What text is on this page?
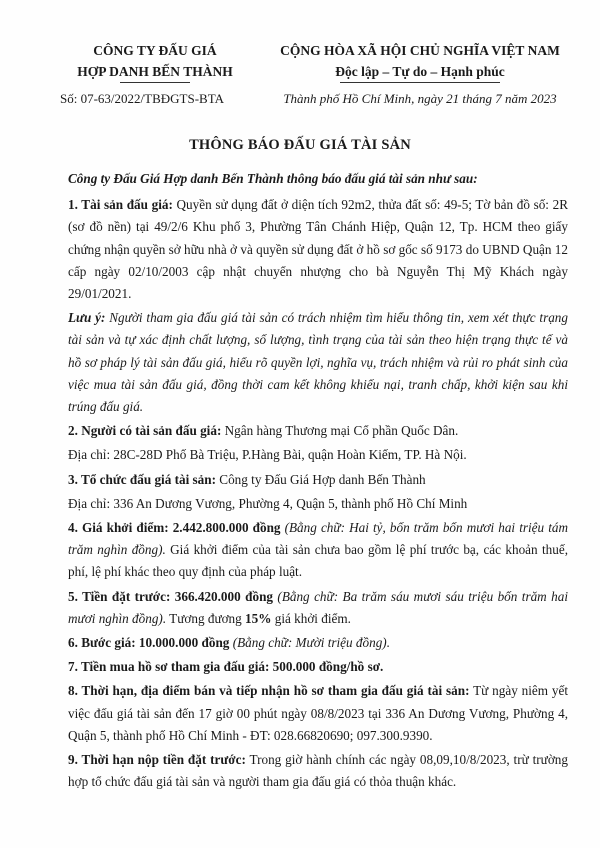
CÔNG TY ĐẤU GIÁ
HỢP DANH BẾN THÀNH
Số: 07-63/2022/TBĐGTS-BTA
CỘNG HÒA XÃ HỘI CHỦ NGHĨA VIỆT NAM
Độc lập – Tự do – Hạnh phúc
Thành phố Hồ Chí Minh, ngày 21 tháng 7 năm 2023
THÔNG BÁO ĐẤU GIÁ TÀI SẢN

Công ty Đấu Giá Hợp danh Bến Thành thông báo đấu giá tài sản như sau:

1. Tài sản đấu giá: Quyền sử dụng đất ở diện tích 92m2, thửa đất số: 49-5; Tờ bản đồ số: 2R (sơ đồ nền) tại 49/2/6 Khu phố 3, Phường Tân Chánh Hiệp, Quận 12, Tp. HCM theo giấy chứng nhận quyền sở hữu nhà ở và quyền sử dụng đất ở hồ sơ gốc số 9173 do UBND Quận 12 cấp ngày 02/10/2003 cập nhật chuyển nhượng cho bà Nguyễn Thị Mỹ Khách ngày 29/01/2021.

Lưu ý: Người tham gia đấu giá tài sản có trách nhiệm tìm hiểu thông tin, xem xét thực trạng tài sản và tự xác định chất lượng, số lượng, tình trạng của tài sản theo hiện trạng thực tế và hồ sơ pháp lý tài sản đấu giá, hiểu rõ quyền lợi, nghĩa vụ, trách nhiệm và rủi ro phát sinh của việc mua tài sản đấu giá, đồng thời cam kết không khiếu nại, tranh chấp, khởi kiện sau khi trúng đấu giá.

2. Người có tài sản đấu giá: Ngân hàng Thương mại Cổ phần Quốc Dân.

Địa chỉ: 28C-28D Phố Bà Triệu, P.Hàng Bài, quận Hoàn Kiếm, TP. Hà Nội.

3. Tổ chức đấu giá tài sản: Công ty Đấu Giá Hợp danh Bến Thành

Địa chỉ: 336 An Dương Vương, Phường 4, Quận 5, thành phố Hồ Chí Minh

4. Giá khởi điểm: 2.442.800.000 đồng (Bằng chữ: Hai tỷ, bốn trăm bốn mươi hai triệu tám trăm nghìn đồng). Giá khởi điểm của tài sản chưa bao gồm lệ phí trước bạ, các khoản thuế, phí, lệ phí khác theo quy định của pháp luật.

5. Tiền đặt trước: 366.420.000 đồng (Bằng chữ: Ba trăm sáu mươi sáu triệu bốn trăm hai mươi nghìn đồng). Tương đương 15% giá khởi điểm.

6. Bước giá: 10.000.000 đồng (Bằng chữ: Mười triệu đồng).

7. Tiền mua hồ sơ tham gia đấu giá: 500.000 đồng/hồ sơ.

8. Thời hạn, địa điểm bán và tiếp nhận hồ sơ tham gia đấu giá tài sản: Từ ngày niêm yết việc đấu giá tài sản đến 17 giờ 00 phút ngày 08/8/2023 tại 336 An Dương Vương, Phường 4, Quận 5, thành phố Hồ Chí Minh - ĐT: 028.66820690; 097.300.9390.

9. Thời hạn nộp tiền đặt trước: Trong giờ hành chính các ngày 08,09,10/8/2023, trừ trường hợp tổ chức đấu giá tài sản và người tham gia đấu giá có thỏa thuận khác.
